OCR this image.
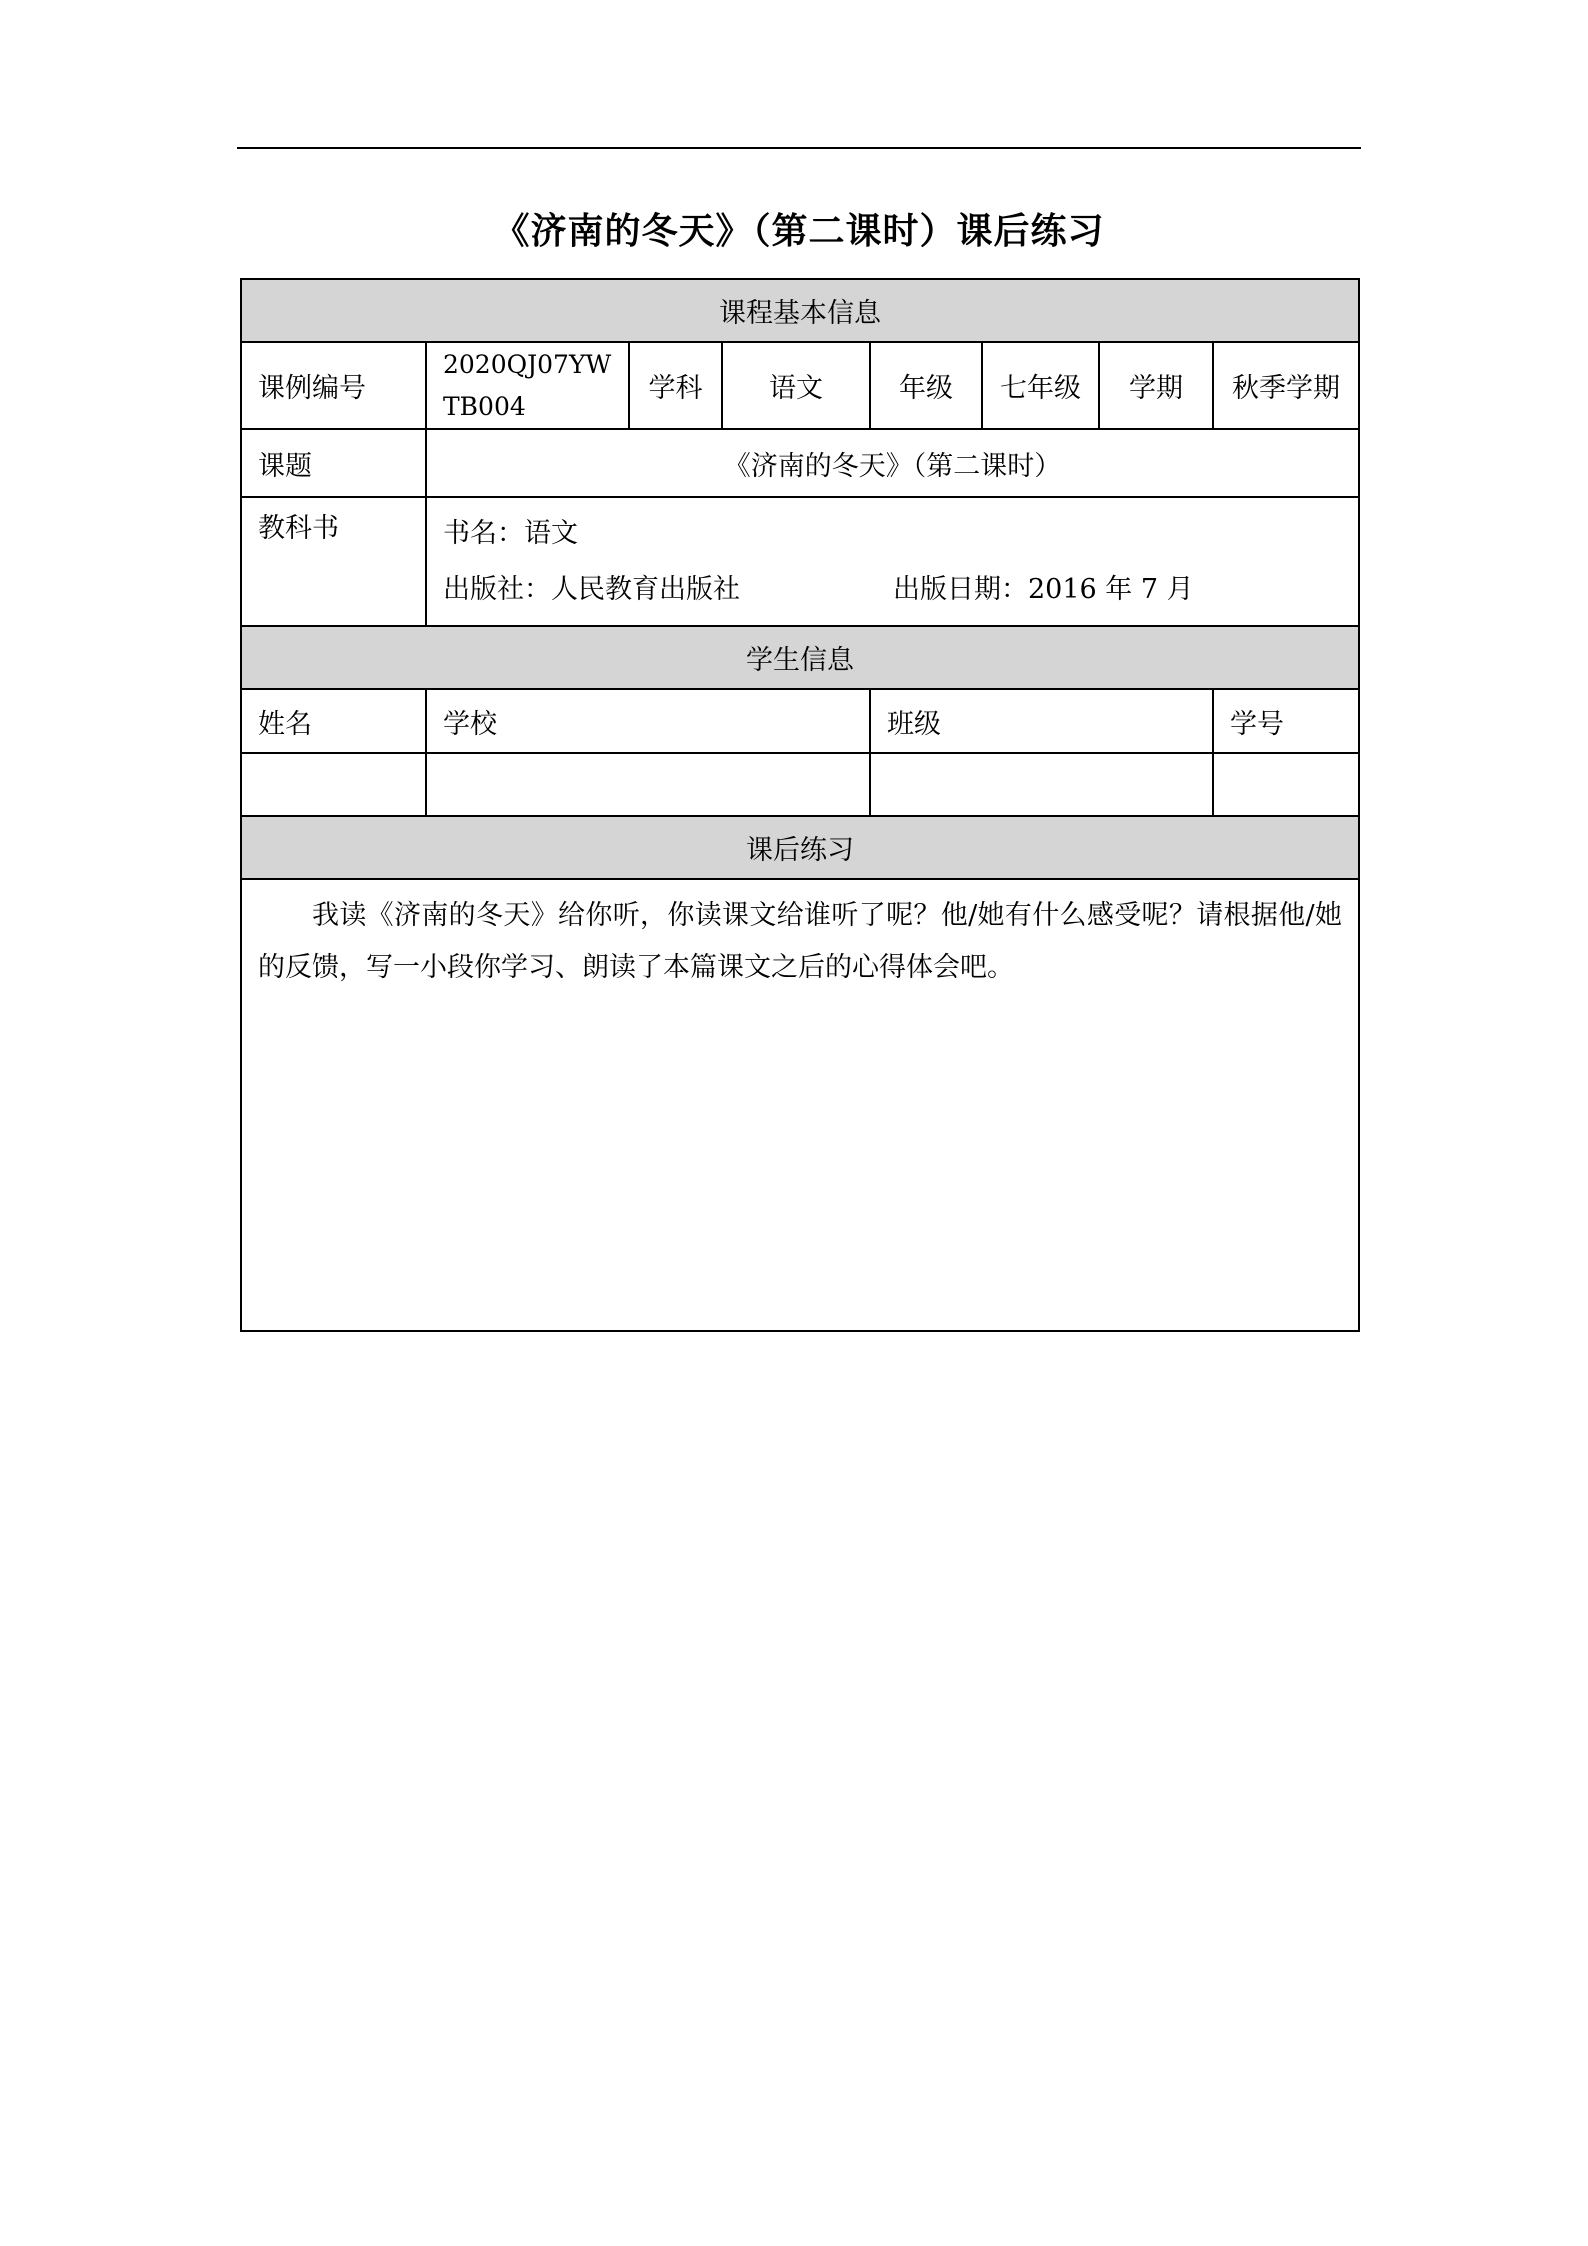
《济南的冬天》（第二课时）课后练习
课程基本信息							
课例编号	2020QJ07YWTB004	学科	语文	年级	七年级	学期	秋季学期
课题	《济南的冬天》（第二课时）						
教科书	书名：语文
出版社：人民教育出版社 出版日期：2016 年 7 月						

学生信息							
姓名	学校			班级			学号

课后练习							

我读《济南的冬天》给你听，你读课文给谁听了呢？他/她有什么感受呢？请根据他/她的反馈，写一小段你学习、朗读了本篇课文之后的心得体会吧。							
